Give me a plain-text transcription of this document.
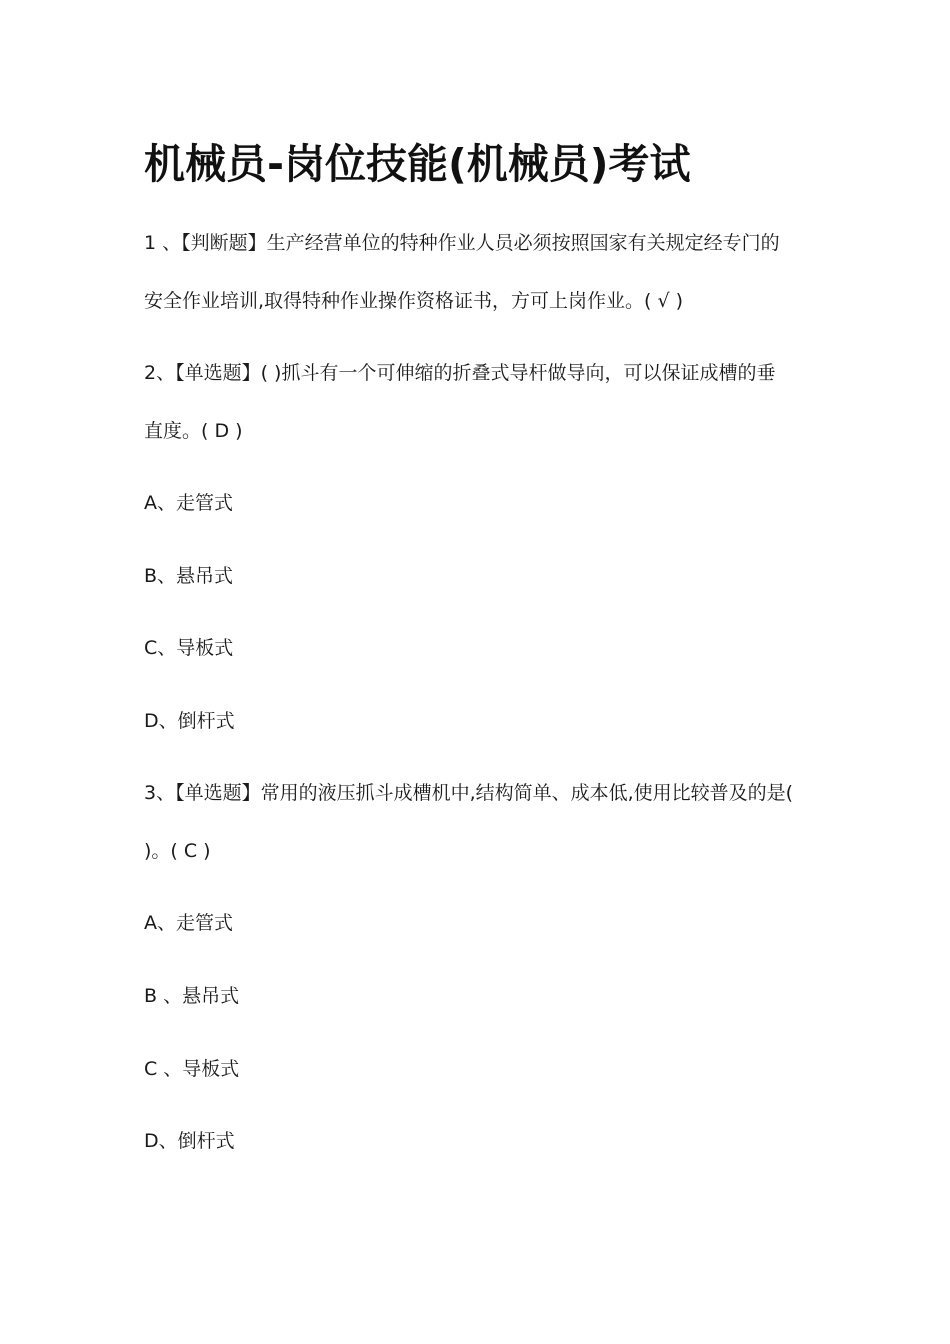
机械员-岗位技能(机械员)考试
1 、【判断题】生产经营单位的特种作业人员必须按照国家有关规定经专门的
安全作业培训,取得特种作业操作资格证书，方可上岗作业。( √ )
2、【单选题】( )抓斗有一个可伸缩的折叠式导杆做导向，可以保证成槽的垂
直度。( D )
A、走管式
B、悬吊式
C、导板式
D、倒杆式
3、【单选题】常用的液压抓斗成槽机中,结构简单、成本低,使用比较普及的是(
)。( C )
A、走管式
B 、悬吊式
C 、导板式
D、倒杆式
